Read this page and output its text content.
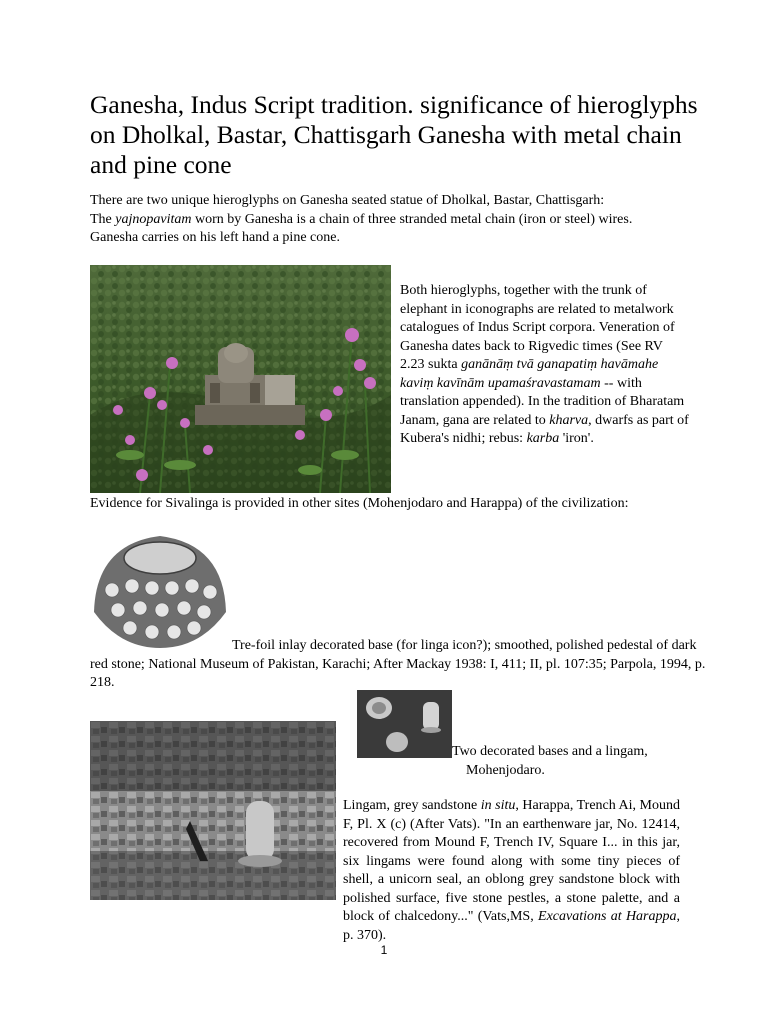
Ganesha, Indus Script tradition. significance of hieroglyphs on Dholkal, Bastar, Chattisgarh Ganesha with metal chain and pine cone

There are two unique hieroglyphs on Ganesha seated statue of Dholkal, Bastar, Chattisgarh:

The yajnopavitam worn by Ganesha is a chain of three stranded metal chain (iron or steel) wires.

Ganesha carries on his left hand a pine cone.

Both hieroglyphs, together with the trunk of elephant in iconographs are related to metalwork catalogues of Indus Script corpora. Veneration of Ganesha dates back to Rigvedic times (See RV 2.23 sukta ganānāṃ tvā ganapatiṃ havāmahe kaviṃ kavīnām upamaśravastamam -- with translation appended). In the tradition of Bharatam Janam, gana are related to kharva, dwarfs as part of Kubera's nidhi; rebus: karba 'iron'.

Evidence for Sivalinga is provided in other sites (Mohenjodaro and Harappa) of the civilization:

Tre-foil inlay decorated base (for linga icon?); smoothed, polished pedestal of dark red stone; National Museum of Pakistan, Karachi; After Mackay 1938: I, 411; II, pl. 107:35; Parpola, 1994, p. 218.

Two decorated bases and a lingam,
Mohenjodaro.

Lingam, grey sandstone in situ, Harappa, Trench Ai, Mound F, Pl. X (c) (After Vats). "In an earthenware jar, No. 12414, recovered from Mound F, Trench IV, Square I... in this jar, six lingams were found along with some tiny pieces of shell, a unicorn seal, an oblong grey sandstone block with polished surface, five stone pestles, a stone palette, and a block of chalcedony..." (Vats,MS, Excavations at Harappa, p. 370).

1
